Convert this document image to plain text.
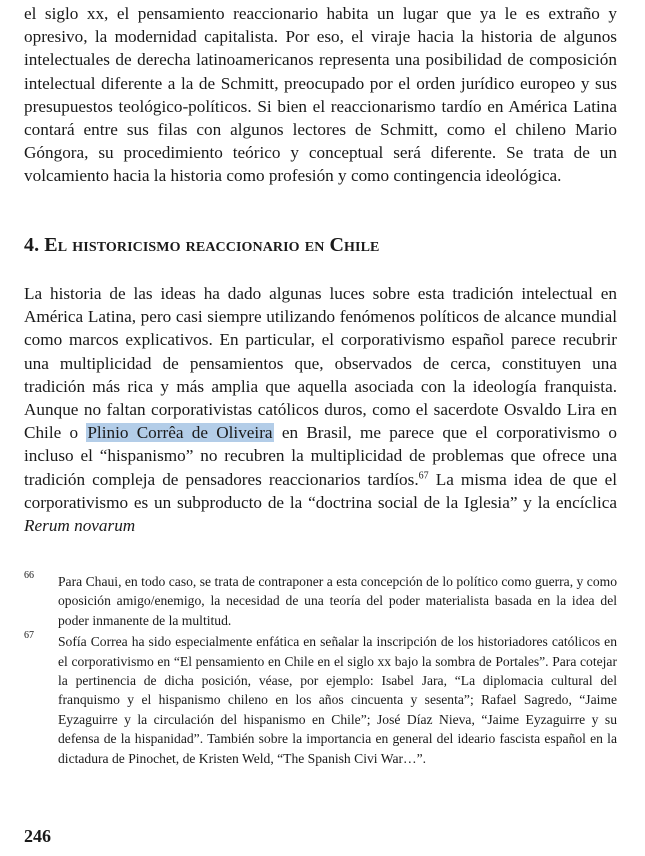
el siglo xx, el pensamiento reaccionario habita un lugar que ya le es extraño y opresivo, la modernidad capitalista. Por eso, el viraje hacia la historia de algunos intelectuales de derecha latinoamericanos representa una posibilidad de composición intelectual diferente a la de Schmitt, preocupado por el orden jurídico europeo y sus presupuestos teológico-políticos. Si bien el reaccionarismo tardío en América Latina contará entre sus filas con algunos lectores de Schmitt, como el chileno Mario Góngora, su procedimiento teórico y conceptual será diferente. Se trata de un volcamiento hacia la historia como profesión y como contingencia ideológica.

4. El historicismo reaccionario en Chile

La historia de las ideas ha dado algunas luces sobre esta tradición intelectual en América Latina, pero casi siempre utilizando fenómenos políticos de alcance mundial como marcos explicativos. En particular, el corporativismo español parece recubrir una multiplicidad de pensamientos que, observados de cerca, constituyen una tradición más rica y más amplia que aquella asociada con la ideología franquista. Aunque no faltan corporativistas católicos duros, como el sacerdote Osvaldo Lira en Chile o Plinio Corrêa de Oliveira en Brasil, me parece que el corporativismo o incluso el “hispanismo” no recubren la multiplicidad de problemas que ofrece una tradición compleja de pensadores reaccionarios tardíos.$^{67}$ La misma idea de que el corporativismo es un subproducto de la “doctrina social de la Iglesia” y la encíclica Rerum novarum

66 Para Chaui, en todo caso, se trata de contraponer a esta concepción de lo político como guerra, y como oposición amigo/enemigo, la necesidad de una teoría del poder materialista basada en la idea del poder inmanente de la multitud.
67 Sofía Correa ha sido especialmente enfática en señalar la inscripción de los historiadores católicos en el corporativismo en “El pensamiento en Chile en el siglo xx bajo la sombra de Portales”. Para cotejar la pertinencia de dicha posición, véase, por ejemplo: Isabel Jara, “La diplomacia cultural del franquismo y el hispanismo chileno en los años cincuenta y sesenta”; Rafael Sagredo, “Jaime Eyzaguirre y la circulación del hispanismo en Chile”; José Díaz Nieva, “Jaime Eyzaguirre y su defensa de la hispanidad”. También sobre la importancia en general del ideario fascista español en la dictadura de Pinochet, de Kristen Weld, “The Spanish Civi War…”.

246
